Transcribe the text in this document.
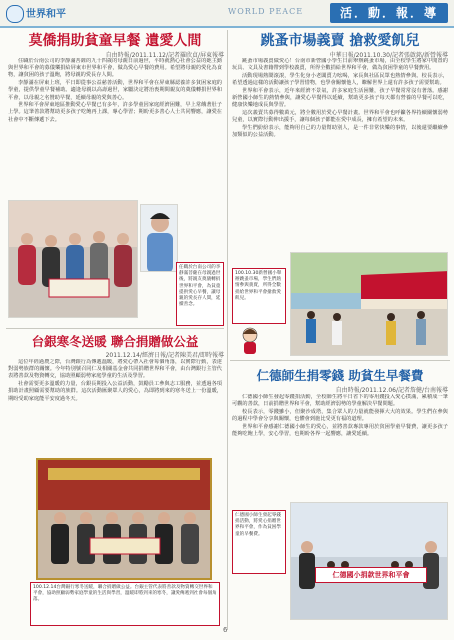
世界和平	WORLD PEACE	活．動．報．導
莫僑捐助貧童早餐 遺愛人間
自由時報/2011.11.12/記者羅欣貞/屏東報導

住職於台南公司的李靜滿菩薩的九十四歲的母親日前過世，平時就熱心社會公益的她主動與世界和平會的募儀樂捐給屏東市世界和平會，做為愛心早餐的費用。希望將母親的愛化為食物，讓貧困的孩子溫飽，將母親的愛長存人間。

李靜滿在屏東上班，平日即從事公益慈善活動，世界和平會在屏東縣認養許多貧困家庭的學童，提供學童早餐補助。適逢母親以高壽過世，家屬決定將治喪期間親友的奠儀轉捐世界和平會，以母親之名贊助早餐，延續母親的愛與善心。

世界和平會屏東地區推動愛心早餐已有多年，許多學童因家庭經濟困難，早上常餓著肚子上學。這筆善款將幫助更多孩子吃飽再上課，專心學習；期盼更多善心人士共同響應，讓愛在社會中不斷傳遞下去。

任職於台南公司的李靜滿菩薩在母親過世後，將親友奠儀轉捐世界和平會，為貧童提供愛心早餐，讓母親的愛長存人間，延續善念。
台銀寒冬送暖 聯合捐贈做公益
2011.12.14/經濟日報/記者陳美君/即時報導

這位年經過農之際，台灣銀行為傳遞溫暖，將愛心帶入社會每個角落，以實際行動，表達對弱勢族群的關懷。今年特別號召同仁及相關基金會共同捐贈世界和平會，由台灣銀行主管代表將善款及物資轉交，協助照顧弱勢家庭學童的生活及學習。

社會需要更多溫暖的力量，台銀長期投入公益活動，鼓勵員工參與志工服務，並透過各項捐助計畫照顧需要幫助的族群。這次活動匯聚眾人的愛心，為即將到來的寒冬送上一份溫暖，期盼受助家庭能平安度過冬天。

100.12.14台灣銀行寒冬送暖，聯合捐贈做公益。台銀主管代表將善款及物資轉交世界和平會，協助照顧弱勢家庭學童的生活與學習，溫暖即將到來的寒冬，讓愛傳遞到社會每個角落。
跳蚤市場義賣 搶救愛飢兒
中華日報/2011.10.30/記者張啟銘/新營報導

跳蚤市場義賣做愛心！台南市新營國小學生日前舉辦跳蚤市場，由全校學生將家中閒置的玩具、文具及書籍帶到學校義賣，所得全數捐給世界和平會，做為貧困學童的早餐費用。

活動現場熱鬧滾滾，學生化身小老闆賣力吆喝，家長與社區民眾也熱情參與。校長表示，希望透過這樣的活動讓孩子學習惜物，也學會關懷他人，瞭解世界上還有許多孩子需要幫助。

世界和平會表示，近年來經濟不景氣，許多家庭生活困難，孩子早餐常常沒有著落。感謝新營國小師生的熱情參與，讓愛心早餐得以延續，幫助更多孩子每天都有營養的早餐可以吃，健康快樂地成長與學習。

這次義賣共募得數萬元，將全數用於愛心早餐計畫。世界和平會也呼籲各界持續關懷弱勢兒童，以實際行動伸出援手，讓每個孩子都能在愛中成長，擁有希望的未來。

學生們紛紛表示，能夠用自己的力量幫助別人，是一件非常快樂的事情，以後還要繼續參加類似的公益活動。

100.10.30新營國小舉辦跳蚤市場，學生們熱情參與義賣，所得全數捐給世界和平會搶救愛飢兒。
仁德師生捐零錢 助貧生早餐費
自由時報/2011.12.06/記者詹健/台南報導

仁德國小師生發起零錢捐活動，全校師生將平日省下的零用錢投入愛心撲滿，累積成一筆可觀的善款，日前捐贈世界和平會，幫助經濟弱勢的學童解決早餐問題。

校長表示，零錢雖小，但聚沙成塔，集合眾人的力量就能發揮大大的效果。學生們在參與的過程中學會分享與關懷，也體會到施比受更有福的道理。

世界和平會感謝仁德國小師生的愛心，並將善款專款專用於貧困學童早餐費，讓更多孩子能夠吃飽上學，安心學習，也期盼各界一起響應，讓愛延續。

仁德國小師生發起零錢捐活動，將愛心捐贈世界和平會，作為貧困學童的早餐費。
仁德國小捐款世界和平會
6
